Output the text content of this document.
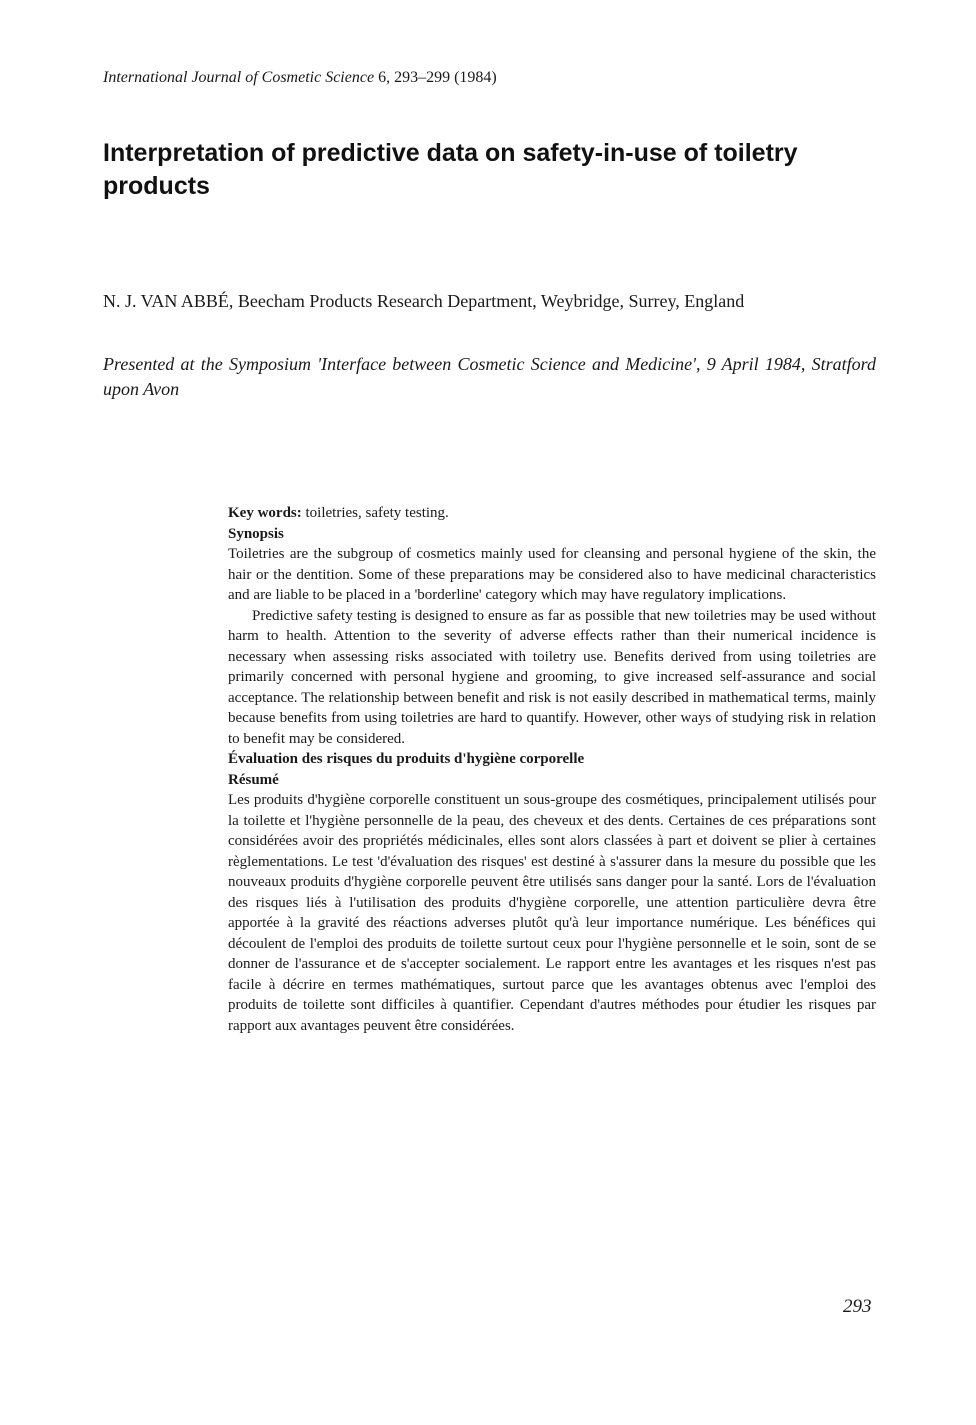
International Journal of Cosmetic Science 6, 293–299 (1984)
Interpretation of predictive data on safety-in-use of toiletry products
N. J. VAN ABBÉ, Beecham Products Research Department, Weybridge, Surrey, England
Presented at the Symposium 'Interface between Cosmetic Science and Medicine', 9 April 1984, Stratford upon Avon

Key words: toiletries, safety testing.

Synopsis

Toiletries are the subgroup of cosmetics mainly used for cleansing and personal hygiene of the skin, the hair or the dentition. Some of these preparations may be considered also to have medicinal characteristics and are liable to be placed in a 'borderline' category which may have regulatory implications.

Predictive safety testing is designed to ensure as far as possible that new toiletries may be used without harm to health. Attention to the severity of adverse effects rather than their numerical incidence is necessary when assessing risks associated with toiletry use. Benefits derived from using toiletries are primarily concerned with personal hygiene and grooming, to give increased self-assurance and social acceptance. The relationship between benefit and risk is not easily described in mathematical terms, mainly because benefits from using toiletries are hard to quantify. However, other ways of studying risk in relation to benefit may be considered.

Évaluation des risques du produits d'hygiène corporelle

Résumé

Les produits d'hygiène corporelle constituent un sous-groupe des cosmétiques, principalement utilisés pour la toilette et l'hygiène personnelle de la peau, des cheveux et des dents. Certaines de ces préparations sont considérées avoir des propriétés médicinales, elles sont alors classées à part et doivent se plier à certaines règlementations. Le test 'd'évaluation des risques' est destiné à s'assurer dans la mesure du possible que les nouveaux produits d'hygiène corporelle peuvent être utilisés sans danger pour la santé. Lors de l'évaluation des risques liés à l'utilisation des produits d'hygiène corporelle, une attention particulière devra être apportée à la gravité des réactions adverses plutôt qu'à leur importance numérique. Les bénéfices qui découlent de l'emploi des produits de toilette surtout ceux pour l'hygiène personnelle et le soin, sont de se donner de l'assurance et de s'accepter socialement. Le rapport entre les avantages et les risques n'est pas facile à décrire en termes mathématiques, surtout parce que les avantages obtenus avec l'emploi des produits de toilette sont difficiles à quantifier. Cependant d'autres méthodes pour étudier les risques par rapport aux avantages peuvent être considérées.

293
